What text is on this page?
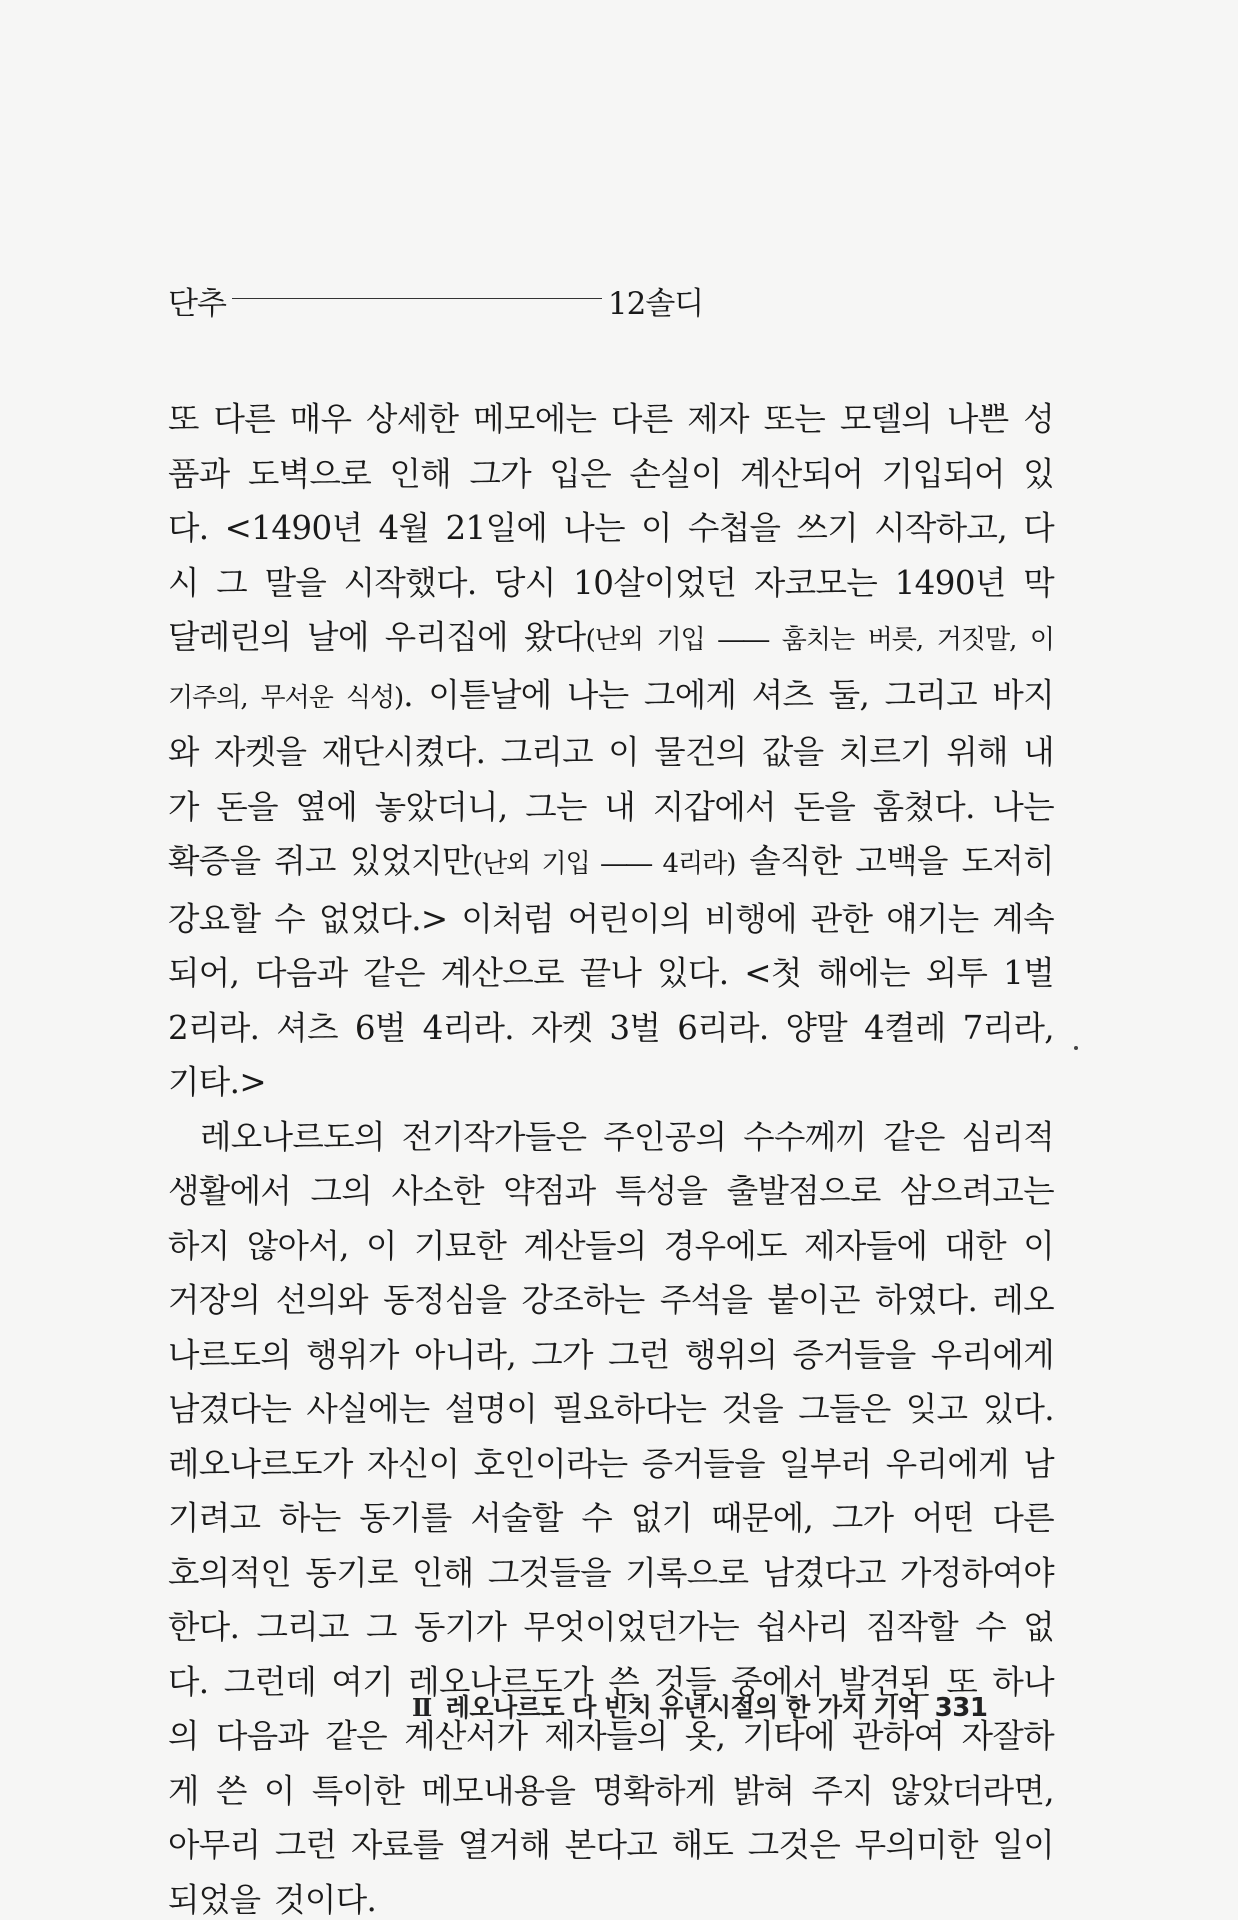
단추	12솔디

또 다른 매우 상세한 메모에는 다른 제자 또는 모델의 나쁜 성품과 도벽으로 인해 그가 입은 손실이 계산되어 기입되어 있다. <1490년 4월 21일에 나는 이 수첩을 쓰기 시작하고, 다시 그 말을 시작했다. 당시 10살이었던 자코모는 1490년 막달레린의 날에 우리집에 왔다(난외 기입 ―― 훔치는 버릇, 거짓말, 이기주의, 무서운 식성). 이튿날에 나는 그에게 셔츠 둘, 그리고 바지와 자켓을 재단시켰다. 그리고 이 물건의 값을 치르기 위해 내가 돈을 옆에 놓았더니, 그는 내 지갑에서 돈을 훔쳤다. 나는 확증을 쥐고 있었지만(난외 기입 ―― 4리라) 솔직한 고백을 도저히 강요할 수 없었다.> 이처럼 어린이의 비행에 관한 얘기는 계속되어, 다음과 같은 계산으로 끝나 있다. <첫 해에는 외투 1벌 2리라. 셔츠 6벌 4리라. 자켓 3벌 6리라. 양말 4켤레 7리라, 기타.>

레오나르도의 전기작가들은 주인공의 수수께끼 같은 심리적 생활에서 그의 사소한 약점과 특성을 출발점으로 삼으려고는 하지 않아서, 이 기묘한 계산들의 경우에도 제자들에 대한 이 거장의 선의와 동정심을 강조하는 주석을 붙이곤 하였다. 레오나르도의 행위가 아니라, 그가 그런 행위의 증거들을 우리에게 남겼다는 사실에는 설명이 필요하다는 것을 그들은 잊고 있다. 레오나르도가 자신이 호인이라는 증거들을 일부러 우리에게 남기려고 하는 동기를 서술할 수 없기 때문에, 그가 어떤 다른 호의적인 동기로 인해 그것들을 기록으로 남겼다고 가정하여야 한다. 그리고 그 동기가 무엇이었던가는 쉽사리 짐작할 수 없다. 그런데 여기 레오나르도가 쓴 것들 중에서 발견된 또 하나의 다음과 같은 계산서가 제자들의 옷, 기타에 관하여 자잘하게 쓴 이 특이한 메모내용을 명확하게 밝혀 주지 않았더라면, 아무리 그런 자료를 열거해 본다고 해도 그것은 무의미한 일이 되었을 것이다.

Ⅱ 레오나르도 다 빈치 유년시절의 한 가지 기억 331
